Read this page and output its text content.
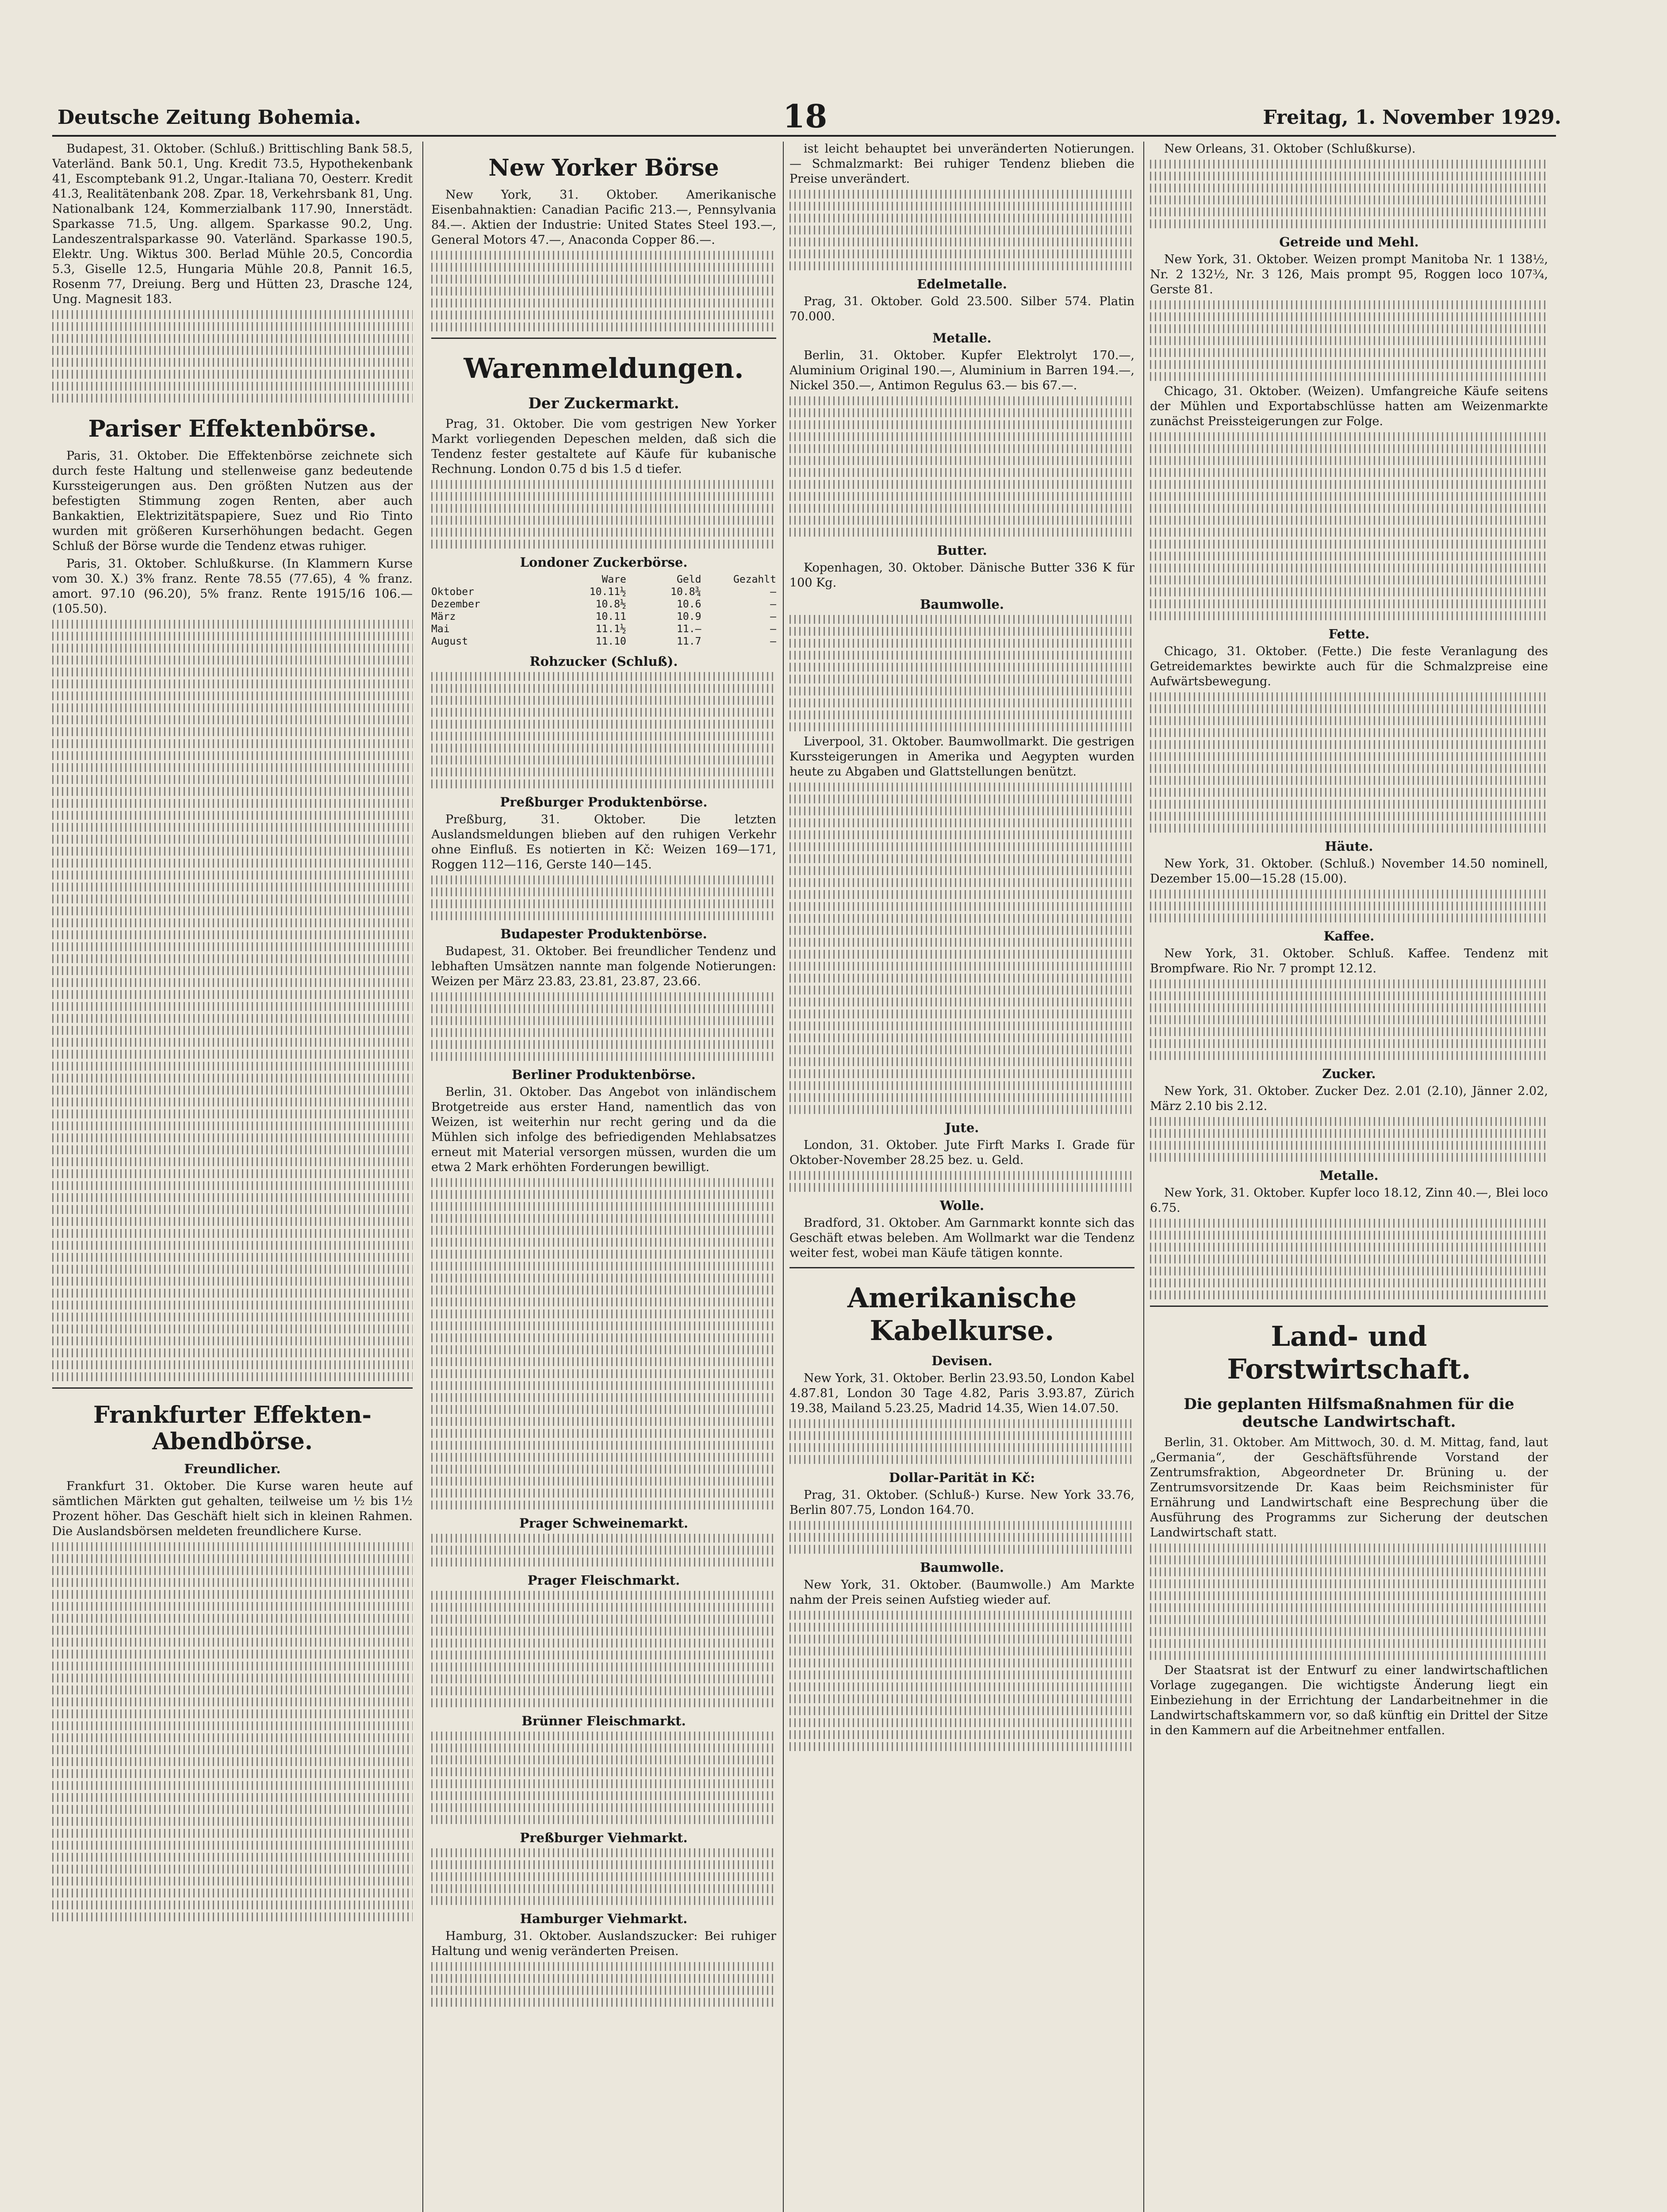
Deutsche Zeitung Bohemia.	18	Freitag, 1. November 1929.

Budapest, 31. Oktober. (Schluß.) Brittischling Bank 58.5, Vaterländ. Bank 50.1, Ung. Kredit 73.5, Hypothekenbank 41, Escomptebank 91.2, Ungar.-Italiana 70, Oesterr. Kredit 41.3, Realitätenbank 208. Zpar. 18, Verkehrsbank 81, Ung. Nationalbank 124, Kommerzialbank 117.90, Innerstädt. Sparkasse 71.5, Ung. allgem. Sparkasse 90.2, Ung. Landeszentralsparkasse 90. Vaterländ. Sparkasse 190.5, Elektr. Ung. Wiktus 300. Berlad Mühle 20.5, Concordia 5.3, Giselle 12.5, Hungaria Mühle 20.8, Pannit 16.5, Rosenm 77, Dreiung. Berg und Hütten 23, Drasche 124, Ung. Magnesit 183.

Pariser Effektenbörse.

Paris, 31. Oktober. Die Effektenbörse zeichnete sich durch feste Haltung und stellenweise ganz bedeutende Kurssteigerungen aus. Den größten Nutzen aus der befestigten Stimmung zogen Renten, aber auch Bankaktien, Elektrizitätspapiere, Suez und Rio Tinto wurden mit größeren Kurserhöhungen bedacht. Gegen Schluß der Börse wurde die Tendenz etwas ruhiger.

Paris, 31. Oktober. Schlußkurse. (In Klammern Kurse vom 30. X.) 3% franz. Rente 78.55 (77.65), 4 % franz. amort. 97.10 (96.20), 5% franz. Rente 1915/16 106.— (105.50).

Frankfurter Effekten-Abendbörse.
Freundlicher.

Frankfurt 31. Oktober. Die Kurse waren heute auf sämtlichen Märkten gut gehalten, teilweise um ½ bis 1½ Prozent höher. Das Geschäft hielt sich in kleinen Rahmen. Die Auslandsbörsen meldeten freundlichere Kurse.

New Yorker Börse

New York, 31. Oktober. Amerikanische Eisenbahnaktien: Canadian Pacific 213.—, Pennsylvania 84.—. Aktien der Industrie: United States Steel 193.—, General Motors 47.—, Anaconda Copper 86.—.

Warenmeldungen.
Der Zuckermarkt.

Prag, 31. Oktober. Die vom gestrigen New Yorker Markt vorliegenden Depeschen melden, daß sich die Tendenz fester gestaltete auf Käufe für kubanische Rechnung. London 0.75 d bis 1.5 d tiefer.

Londoner Zuckerbörse.
Ware	Geld	Gezahlt
Oktober	10.11½	10.8¾	—
Dezember	10.8½	10.6	—
März	10.11	10.9	—
Mai	11.1½	11.—	—
August	11.10	11.7	—
Rohzucker (Schluß).
Preßburger Produktenbörse.

Preßburg, 31. Oktober. Die letzten Auslandsmeldungen blieben auf den ruhigen Verkehr ohne Einfluß. Es notierten in Kč: Weizen 169—171, Roggen 112—116, Gerste 140—145.

Budapester Produktenbörse.

Budapest, 31. Oktober. Bei freundlicher Tendenz und lebhaften Umsätzen nannte man folgende Notierungen: Weizen per März 23.83, 23.81, 23.87, 23.66.

Berliner Produktenbörse.

Berlin, 31. Oktober. Das Angebot von inländischem Brotgetreide aus erster Hand, namentlich das von Weizen, ist weiterhin nur recht gering und da die Mühlen sich infolge des befriedigenden Mehlabsatzes erneut mit Material versorgen müssen, wurden die um etwa 2 Mark erhöhten Forderungen bewilligt.

Prager Schweinemarkt.
Prager Fleischmarkt.
Brünner Fleischmarkt.
Preßburger Viehmarkt.
Hamburger Viehmarkt.

Hamburg, 31. Oktober. Auslandszucker: Bei ruhiger Haltung und wenig veränderten Preisen.

ist leicht behauptet bei unveränderten Notierungen. — Schmalzmarkt: Bei ruhiger Tendenz blieben die Preise unverändert.

Edelmetalle.

Prag, 31. Oktober. Gold 23.500. Silber 574. Platin 70.000.

Metalle.

Berlin, 31. Oktober. Kupfer Elektrolyt 170.—, Aluminium Original 190.—, Aluminium in Barren 194.—, Nickel 350.—, Antimon Regulus 63.— bis 67.—.

Butter.

Kopenhagen, 30. Oktober. Dänische Butter 336 K für 100 Kg.

Baumwolle.

Liverpool, 31. Oktober. Baumwollmarkt. Die gestrigen Kurssteigerungen in Amerika und Aegypten wurden heute zu Abgaben und Glattstellungen benützt.

Jute.

London, 31. Oktober. Jute Firft Marks I. Grade für Oktober-November 28.25 bez. u. Geld.

Wolle.

Bradford, 31. Oktober. Am Garnmarkt konnte sich das Geschäft etwas beleben. Am Wollmarkt war die Tendenz weiter fest, wobei man Käufe tätigen konnte.

Amerikanische Kabelkurse.
Devisen.

New York, 31. Oktober. Berlin 23.93.50, London Kabel 4.87.81, London 30 Tage 4.82, Paris 3.93.87, Zürich 19.38, Mailand 5.23.25, Madrid 14.35, Wien 14.07.50.

Dollar-Parität in Kč:

Prag, 31. Oktober. (Schluß-) Kurse. New York 33.76, Berlin 807.75, London 164.70.

Baumwolle.

New York, 31. Oktober. (Baumwolle.) Am Markte nahm der Preis seinen Aufstieg wieder auf.

New Orleans, 31. Oktober (Schlußkurse).

Getreide und Mehl.

New York, 31. Oktober. Weizen prompt Manitoba Nr. 1 138½, Nr. 2 132½, Nr. 3 126, Mais prompt 95, Roggen loco 107¾, Gerste 81.

Chicago, 31. Oktober. (Weizen). Umfangreiche Käufe seitens der Mühlen und Exportabschlüsse hatten am Weizenmarkte zunächst Preissteigerungen zur Folge.

Fette.

Chicago, 31. Oktober. (Fette.) Die feste Veranlagung des Getreidemarktes bewirkte auch für die Schmalzpreise eine Aufwärtsbewegung.

Häute.

New York, 31. Oktober. (Schluß.) November 14.50 nominell, Dezember 15.00—15.28 (15.00).

Kaffee.

New York, 31. Oktober. Schluß. Kaffee. Tendenz mit Brompfware. Rio Nr. 7 prompt 12.12.

Zucker.

New York, 31. Oktober. Zucker Dez. 2.01 (2.10), Jänner 2.02, März 2.10 bis 2.12.

Metalle.

New York, 31. Oktober. Kupfer loco 18.12, Zinn 40.—, Blei loco 6.75.

Land- und Forstwirtschaft.
Die geplanten Hilfsmaßnahmen für die deutsche Landwirtschaft.

Berlin, 31. Oktober. Am Mittwoch, 30. d. M. Mittag, fand, laut „Germania“, der Geschäftsführende Vorstand der Zentrumsfraktion, Abgeordneter Dr. Brüning u. der Zentrumsvorsitzende Dr. Kaas beim Reichsminister für Ernährung und Landwirtschaft eine Besprechung über die Ausführung des Programms zur Sicherung der deutschen Landwirtschaft statt.

Der Staatsrat ist der Entwurf zu einer landwirtschaftlichen Vorlage zugegangen. Die wichtigste Änderung liegt ein Einbeziehung in der Errichtung der Landarbeitnehmer in die Landwirtschaftskammern vor, so daß künftig ein Drittel der Sitze in den Kammern auf die Arbeitnehmer entfallen.
